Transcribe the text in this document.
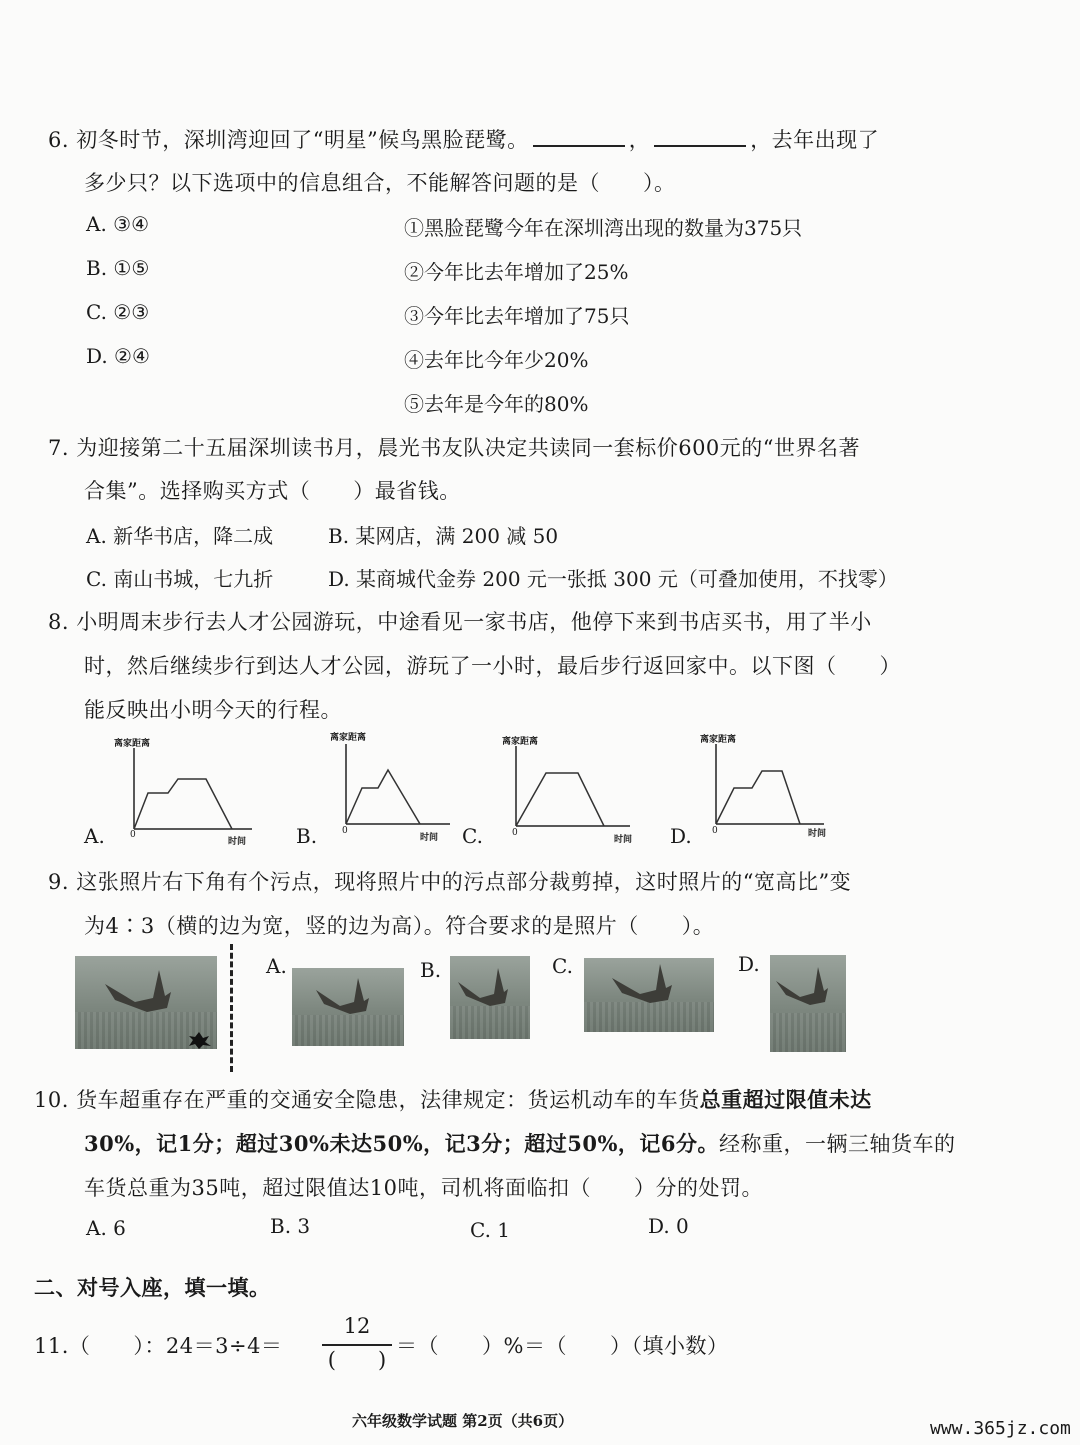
6. 初冬时节，深圳湾迎回了“明星”候鸟黑脸琵鹭。	，	，去年出现了
多少只？以下选项中的信息组合，不能解答问题的是（　　）。
A. ③④
B. ①⑤
C. ②③
D. ②④
①黑脸琵鹭今年在深圳湾出现的数量为375只
②今年比去年增加了25%
③今年比去年增加了75只
④去年比今年少20%
⑤去年是今年的80%
7. 为迎接第二十五届深圳读书月，晨光书友队决定共读同一套标价600元的“世界名著
合集”。选择购买方式（　　）最省钱。
A. 新华书店，降二成	B. 某网店，满 200 减 50
C. 南山书城，七九折	D. 某商城代金券 200 元一张抵 300 元（可叠加使用，不找零）
8. 小明周末步行去人才公园游玩，中途看见一家书店，他停下来到书店买书，用了半小
时，然后继续步行到达人才公园，游玩了一小时，最后步行返回家中。以下图（　　）
能反映出小明今天的行程。
离家距离
0
时间
A.
离家距离
0
时间
B.
离家距离
0
时间
C.
离家距离
0	时间
D.
9. 这张照片右下角有个污点，现将照片中的污点部分裁剪掉，这时照片的“宽高比”变
为4∶3（横的边为宽，竖的边为高）。符合要求的是照片（　　）。
A.	B.	C.	D.
10. 货车超重存在严重的交通安全隐患，法律规定：货运机动车的车货总重超过限值未达
30%，记1分；超过30%未达50%，记3分；超过50%，记6分。经称重，一辆三轴货车的
车货总重为35吨，超过限值达10吨，司机将面临扣（　　）分的处罚。
A. 6	B. 3	C. 1	D. 0
二、对号入座，填一填。
11.（　　）：24＝3÷4＝
12
(　　)
＝（　　）%＝（　　）（填小数）
六年级数学试题 第2页（共6页）	www.365jz.com
